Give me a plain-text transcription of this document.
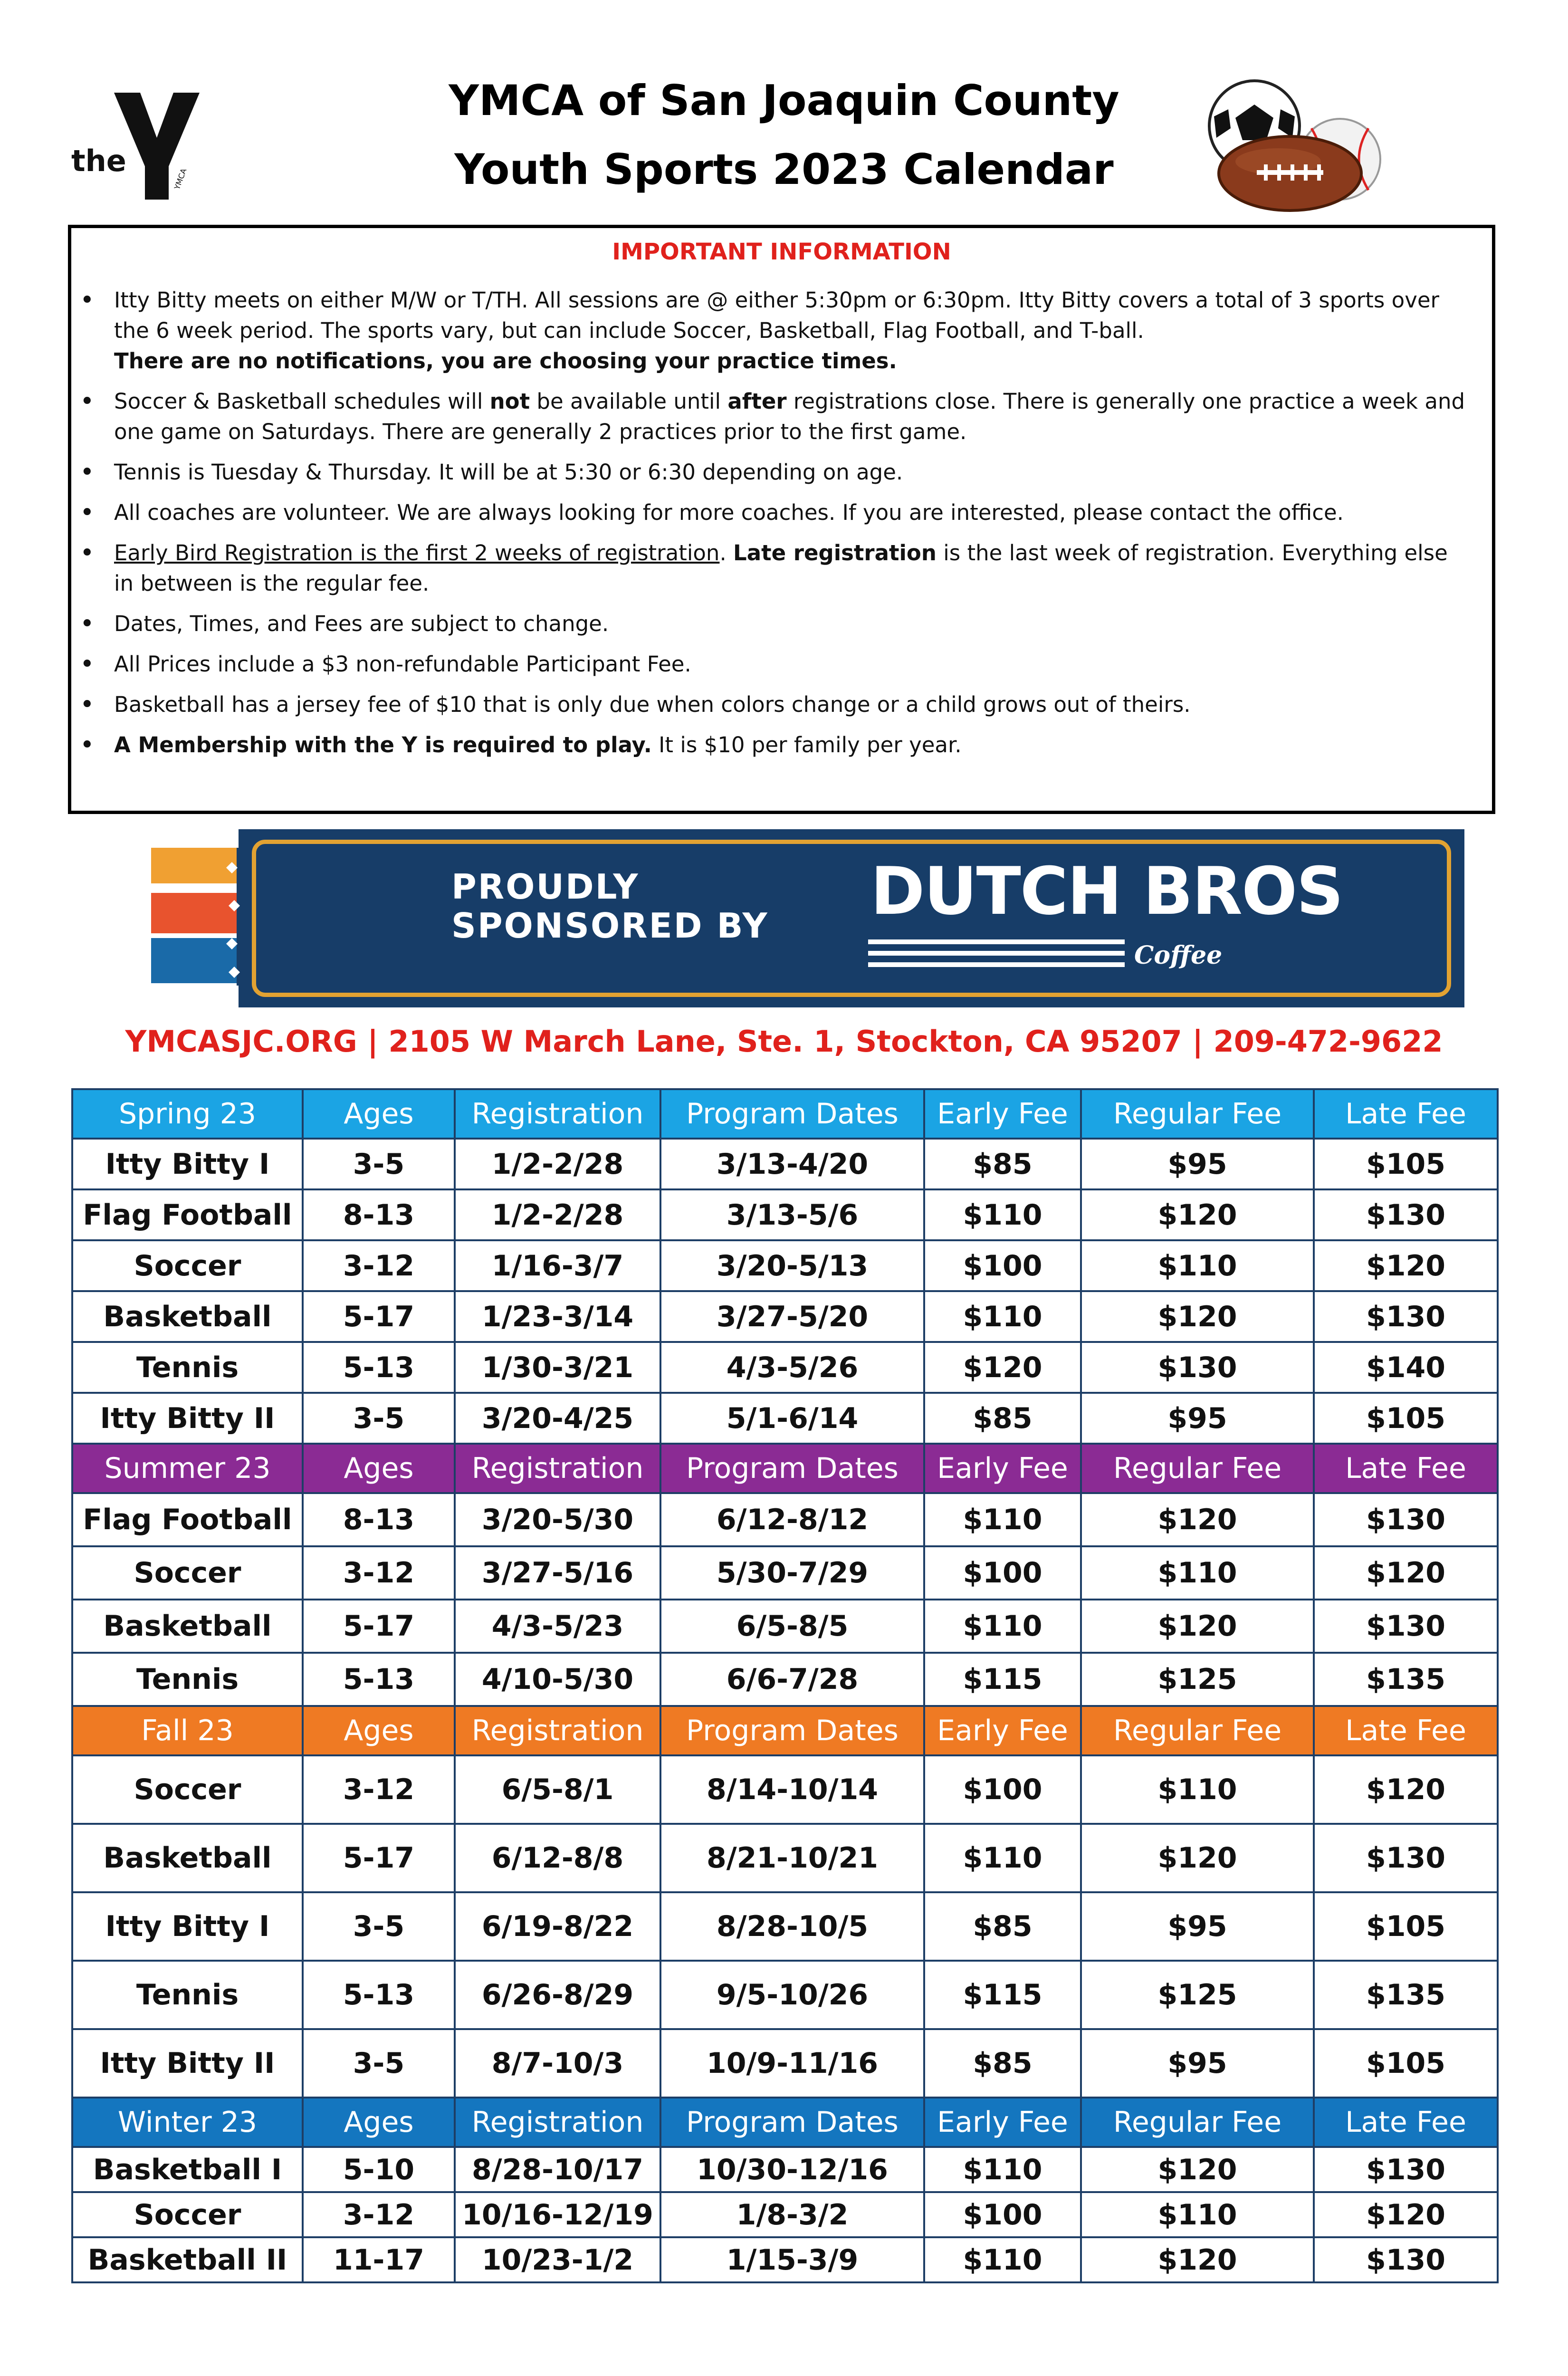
the
YMCA
YMCA of San Joaquin County
Youth Sports 2023 Calendar
IMPORTANT INFORMATION
• Itty Bitty meets on either M/W or T/TH. All sessions are @ either 5:30pm or 6:30pm. Itty Bitty covers a total of 3 sports over the 6 week period. The sports vary, but can include Soccer, Basketball, Flag Football, and T-ball.
There are no notifications, you are choosing your practice times.
• Soccer & Basketball schedules will not be available until after registrations close. There is generally one practice a week and one game on Saturdays. There are generally 2 practices prior to the first game.
• Tennis is Tuesday & Thursday. It will be at 5:30 or 6:30 depending on age.
• All coaches are volunteer. We are always looking for more coaches. If you are interested, please contact the office.
• Early Bird Registration is the first 2 weeks of registration. Late registration is the last week of registration. Everything else in between is the regular fee.
• Dates, Times, and Fees are subject to change.
• All Prices include a $3 non-refundable Participant Fee.
• Basketball has a jersey fee of $10 that is only due when colors change or a child grows out of theirs.
• A Membership with the Y is required to play. It is $10 per family per year.
PROUDLY
SPONSORED BY DUTCH BROS
Coffee
YMCASJC.ORG | 2105 W March Lane, Ste. 1, Stockton, CA 95207 | 209-472-9622
Spring 23	Ages	Registration	Program Dates	Early Fee	Regular Fee	Late Fee
Itty Bitty I	3-5	1/2-2/28	3/13-4/20	$85	$95	$105
Flag Football	8-13	1/2-2/28	3/13-5/6	$110	$120	$130
Soccer	3-12	1/16-3/7	3/20-5/13	$100	$110	$120
Basketball	5-17	1/23-3/14	3/27-5/20	$110	$120	$130
Tennis	5-13	1/30-3/21	4/3-5/26	$120	$130	$140
Itty Bitty II	3-5	3/20-4/25	5/1-6/14	$85	$95	$105
Summer 23	Ages	Registration	Program Dates	Early Fee	Regular Fee	Late Fee
Flag Football	8-13	3/20-5/30	6/12-8/12	$110	$120	$130
Soccer	3-12	3/27-5/16	5/30-7/29	$100	$110	$120
Basketball	5-17	4/3-5/23	6/5-8/5	$110	$120	$130
Tennis	5-13	4/10-5/30	6/6-7/28	$115	$125	$135
Fall 23	Ages	Registration	Program Dates	Early Fee	Regular Fee	Late Fee
Soccer	3-12	6/5-8/1	8/14-10/14	$100	$110	$120
Basketball	5-17	6/12-8/8	8/21-10/21	$110	$120	$130
Itty Bitty I	3-5	6/19-8/22	8/28-10/5	$85	$95	$105
Tennis	5-13	6/26-8/29	9/5-10/26	$115	$125	$135
Itty Bitty II	3-5	8/7-10/3	10/9-11/16	$85	$95	$105
Winter 23	Ages	Registration	Program Dates	Early Fee	Regular Fee	Late Fee
Basketball I	5-10	8/28-10/17	10/30-12/16	$110	$120	$130
Soccer	3-12	10/16-12/19	1/8-3/2	$100	$110	$120
Basketball II	11-17	10/23-1/2	1/15-3/9	$110	$120	$130
